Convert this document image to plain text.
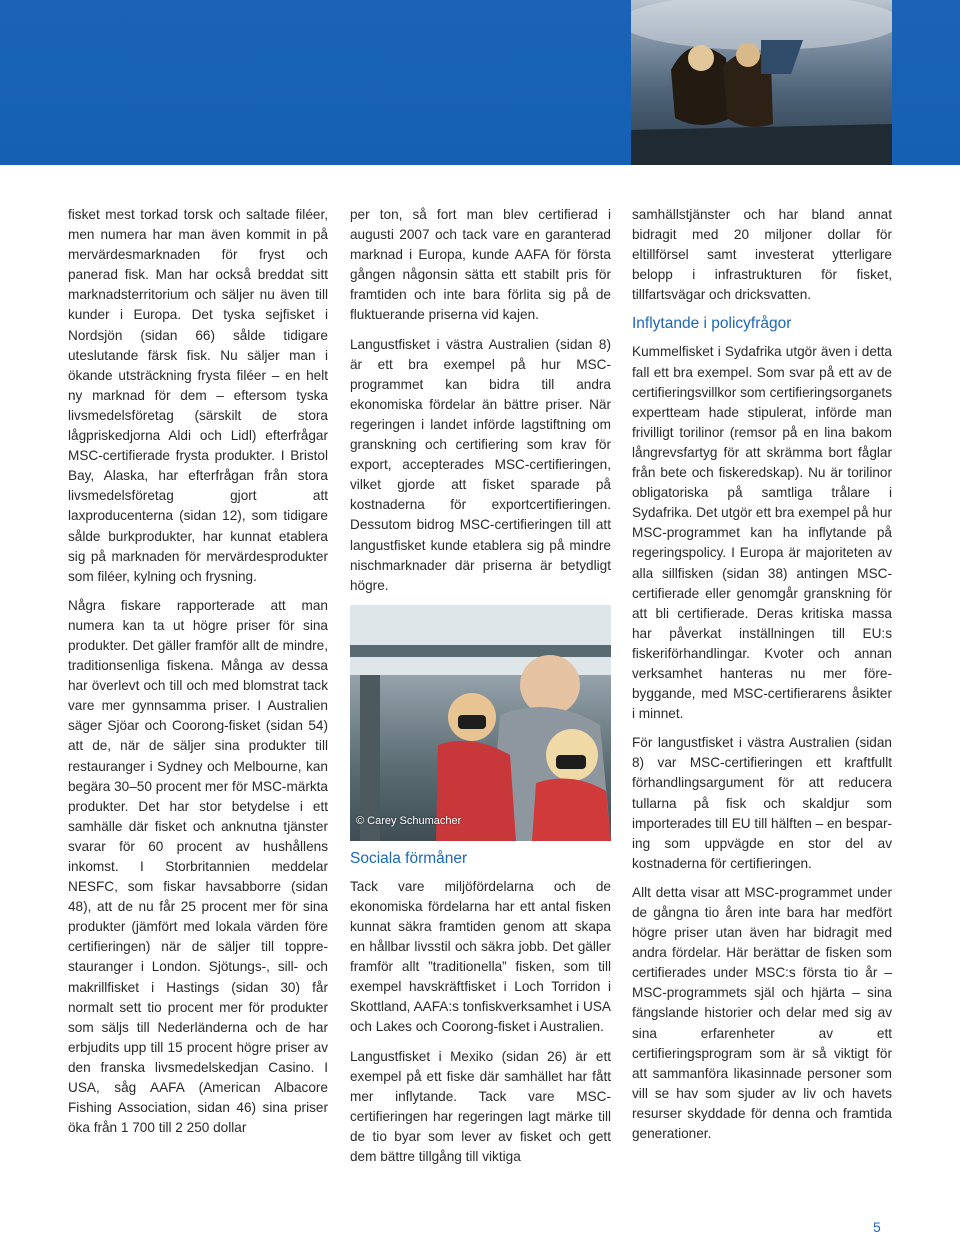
fisket mest torkad torsk och saltade filéer, men numera har man även kommit in på mervärdesmarknaden för fryst och panerad fisk. Man har också breddat sitt marknadsterritorium och säljer nu även till kunder i Europa. Det tyska sejfisket i Nordsjön (sidan 66) sålde tidigare uteslutande färsk fisk. Nu säljer man i ökande utsträckning frysta filéer – en helt ny marknad för dem – eftersom tyska livsmedelsföretag (särskilt de stora lågpriskedjorna Aldi och Lidl) efterfrågar MSC-certifierade frysta produkter. I Bristol Bay, Alaska, har efterfrågan från stora livsmedelsföretag gjort att laxproducenterna (sidan 12), som tidigare sålde burkprodukter, har kunnat etablera sig på marknaden för mervärdesprodukter som filéer, kylning och frysning.

Några fiskare rapporterade att man numera kan ta ut högre priser för sina produkter. Det gäller framför allt de mindre, traditionsenliga fiskena. Många av dessa har överlevt och till och med blomstrat tack vare mer gynnsamma priser. I Australien säger Sjöar och Coorong-fisket (sidan 54) att de, när de säljer sina produkter till restauranger i Sydney och Melbourne, kan begära 30–50 procent mer för MSC-märkta produkter. Det har stor betydelse i ett samhälle där fisket och anknutna tjänster svarar för 60 procent av hushållens inkomst. I Storbritannien meddelar NESFC, som fiskar havsabborre (sidan 48), att de nu får 25 procent mer för sina produkter (jämfört med lokala värden före certifieringen) när de säljer till topprestauranger i London. Sjötungs-, sill- och makrillfisket i Hastings (sidan 30) får normalt sett tio procent mer för produkter som säljs till Nederländerna och de har erbjudits upp till 15 procent högre priser av den franska livsmedelskedjan Casino. I USA, såg AAFA (American Albacore Fishing Association, sidan 46) sina priser öka från 1 700 till 2 250 dollar

per ton, så fort man blev certifierad i augusti 2007 och tack vare en garanterad marknad i Europa, kunde AAFA för första gången någonsin sätta ett stabilt pris för framtiden och inte bara förlita sig på de fluktuerande priserna vid kajen.

Langustfisket i västra Australien (sidan 8) är ett bra exempel på hur MSC-programmet kan bidra till andra ekonomiska fördelar än bättre priser. När regeringen i landet införde lagstiftning om granskning och certifiering som krav för export, accepterades MSC-certifieringen, vilket gjorde att fisket sparade på kostnaderna för exportcertifieringen. Dessutom bidrog MSC-certifieringen till att langustfisket kunde etablera sig på mindre nischmarknader där priserna är betydligt högre.

© Carey Schumacher
Sociala förmåner

Tack vare miljöfördelarna och de ekonomiska fördelarna har ett antal fisken kunnat säkra framtiden genom att skapa en hållbar livsstil och säkra jobb. Det gäller framför allt ”traditionella” fisken, som till exempel havskräftfisket i Loch Torridon i Skottland, AAFA:s tonfiskverksamhet i USA och Lakes och Coorong-fisket i Australien.

Langustfisket i Mexiko (sidan 26) är ett exempel på ett fiske där samhället har fått mer inflytande. Tack vare MSC-certifieringen har regeringen lagt märke till de tio byar som lever av fisket och gett dem bättre tillgång till viktiga

samhällstjänster och har bland annat bidragit med 20 miljoner dollar för eltillförsel samt investerat ytterligare belopp i infrastrukturen för fisket, tillfartsvägar och dricksvatten.

Inflytande i policyfrågor

Kummelfisket i Sydafrika utgör även i detta fall ett bra exempel. Som svar på ett av de certifieringsvillkor som certifieringsorganets expertteam hade stipulerat, införde man frivilligt torilinor (remsor på en lina bakom långrevsfartyg för att skrämma bort fåglar från bete och fiskeredskap). Nu är torilinor obligatoriska på samtliga trålare i Sydafrika. Det utgör ett bra exempel på hur MSC-programmet kan ha inflytande på regeringspolicy. I Europa är majoriteten av alla sillfisken (sidan 38) antingen MSC-certifierade eller genomgår granskning för att bli certifierade. Deras kritiska massa har påverkat inställningen till EU:s fiskeriförhandlingar. Kvoter och annan verksamhet hanteras nu mer förebyggande, med MSC-certifierarens åsikter i minnet.

För langustfisket i västra Australien (sidan 8) var MSC-certifieringen ett kraftfullt förhandlingsargument för att reducera tullarna på fisk och skaldjur som importerades till EU till hälften – en besparing som uppvägde en stor del av kostnaderna för certifieringen.

Allt detta visar att MSC-programmet under de gångna tio åren inte bara har medfört högre priser utan även har bidragit med andra fördelar. Här berättar de fisken som certifierades under MSC:s första tio år – MSC-programmets själ och hjärta – sina fängslande historier och delar med sig av sina erfarenheter av ett certifieringsprogram som är så viktigt för att sammanföra likasinnade personer som vill se hav som sjuder av liv och havets resurser skyddade för denna och framtida generationer.

5
